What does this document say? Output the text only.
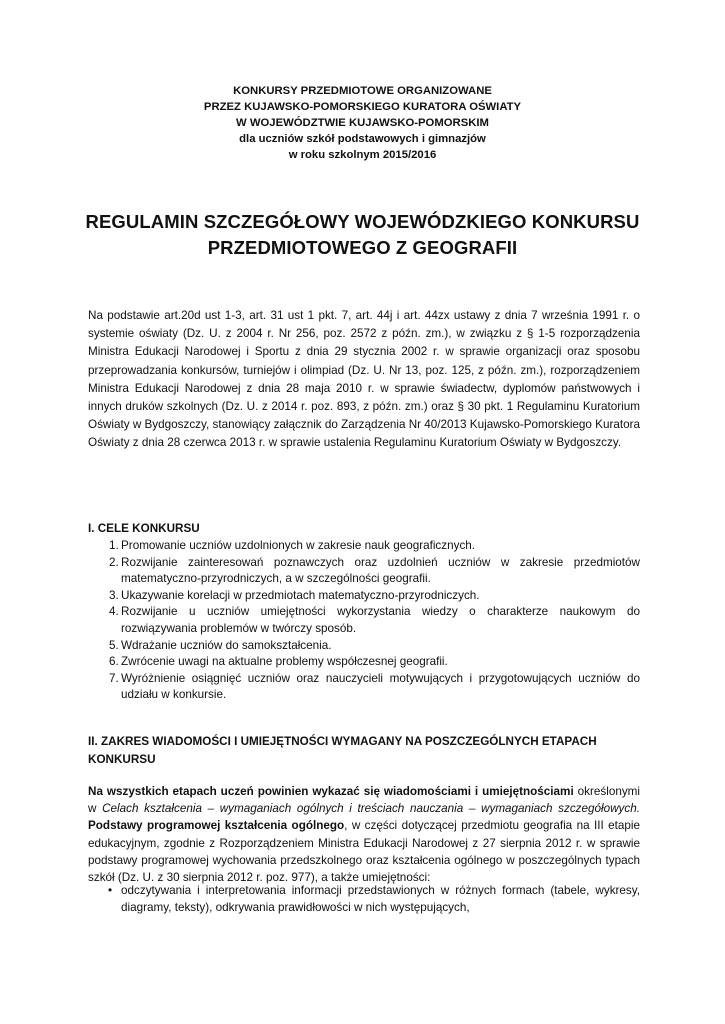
KONKURSY PRZEDMIOTOWE ORGANIZOWANE
PRZEZ KUJAWSKO-POMORSKIEGO KURATORA OŚWIATY
W WOJEWÓDZTWIE KUJAWSKO-POMORSKIM
dla uczniów szkół podstawowych i gimnazjów
w roku szkolnym 2015/2016
REGULAMIN SZCZEGÓŁOWY WOJEWÓDZKIEGO KONKURSU
PRZEDMIOTOWEGO Z GEOGRAFII
Na podstawie art.20d ust 1-3, art. 31 ust 1 pkt. 7, art. 44j i art. 44zx ustawy z dnia 7 września 1991 r. o systemie oświaty (Dz. U. z 2004 r. Nr 256, poz. 2572 z późn. zm.), w związku z § 1-5 rozporządzenia Ministra Edukacji Narodowej i Sportu z dnia 29 stycznia 2002 r. w sprawie organizacji oraz sposobu przeprowadzania konkursów, turniejów i olimpiad (Dz. U. Nr 13, poz. 125, z późn. zm.), rozporządzeniem Ministra Edukacji Narodowej z dnia 28 maja 2010 r. w sprawie świadectw, dyplomów państwowych i innych druków szkolnych (Dz. U. z 2014 r. poz. 893, z późn. zm.) oraz § 30 pkt. 1 Regulaminu Kuratorium Oświaty w Bydgoszczy, stanowiący załącznik do Zarządzenia Nr 40/2013 Kujawsko-Pomorskiego Kuratora Oświaty z dnia 28 czerwca 2013 r. w sprawie ustalenia Regulaminu Kuratorium Oświaty w Bydgoszczy.
I. CELE KONKURSU
1. Promowanie uczniów uzdolnionych w zakresie nauk geograficznych.
2. Rozwijanie zainteresowań poznawczych oraz uzdolnień uczniów w zakresie przedmiotów matematyczno-przyrodniczych, a w szczególności geografii.
3. Ukazywanie korelacji w przedmiotach matematyczno-przyrodniczych.
4. Rozwijanie u uczniów umiejętności wykorzystania wiedzy o charakterze naukowym do rozwiązywania problemów w twórczy sposób.
5. Wdrażanie uczniów do samokształcenia.
6. Zwrócenie uwagi na aktualne problemy współczesnej geografii.
7. Wyróżnienie osiągnięć uczniów oraz nauczycieli motywujących i przygotowujących uczniów do udziału w konkursie.
II. ZAKRES WIADOMOŚCI I UMIEJĘTNOŚCI WYMAGANY NA POSZCZEGÓLNYCH ETAPACH KONKURSU
Na wszystkich etapach uczeń powinien wykazać się wiadomościami i umiejętnościami określonymi w Celach kształcenia – wymaganiach ogólnych i treściach nauczania – wymaganiach szczegółowych. Podstawy programowej kształcenia ogólnego, w części dotyczącej przedmiotu geografia na III etapie edukacyjnym, zgodnie z Rozporządzeniem Ministra Edukacji Narodowej z 27 sierpnia 2012 r. w sprawie podstawy programowej wychowania przedszkolnego oraz kształcenia ogólnego w poszczególnych typach szkół (Dz. U. z 30 sierpnia 2012 r. poz. 977), a także umiejętności:
• odczytywania i interpretowania informacji przedstawionych w różnych formach (tabele, wykresy, diagramy, teksty), odkrywania prawidłowości w nich występujących,
